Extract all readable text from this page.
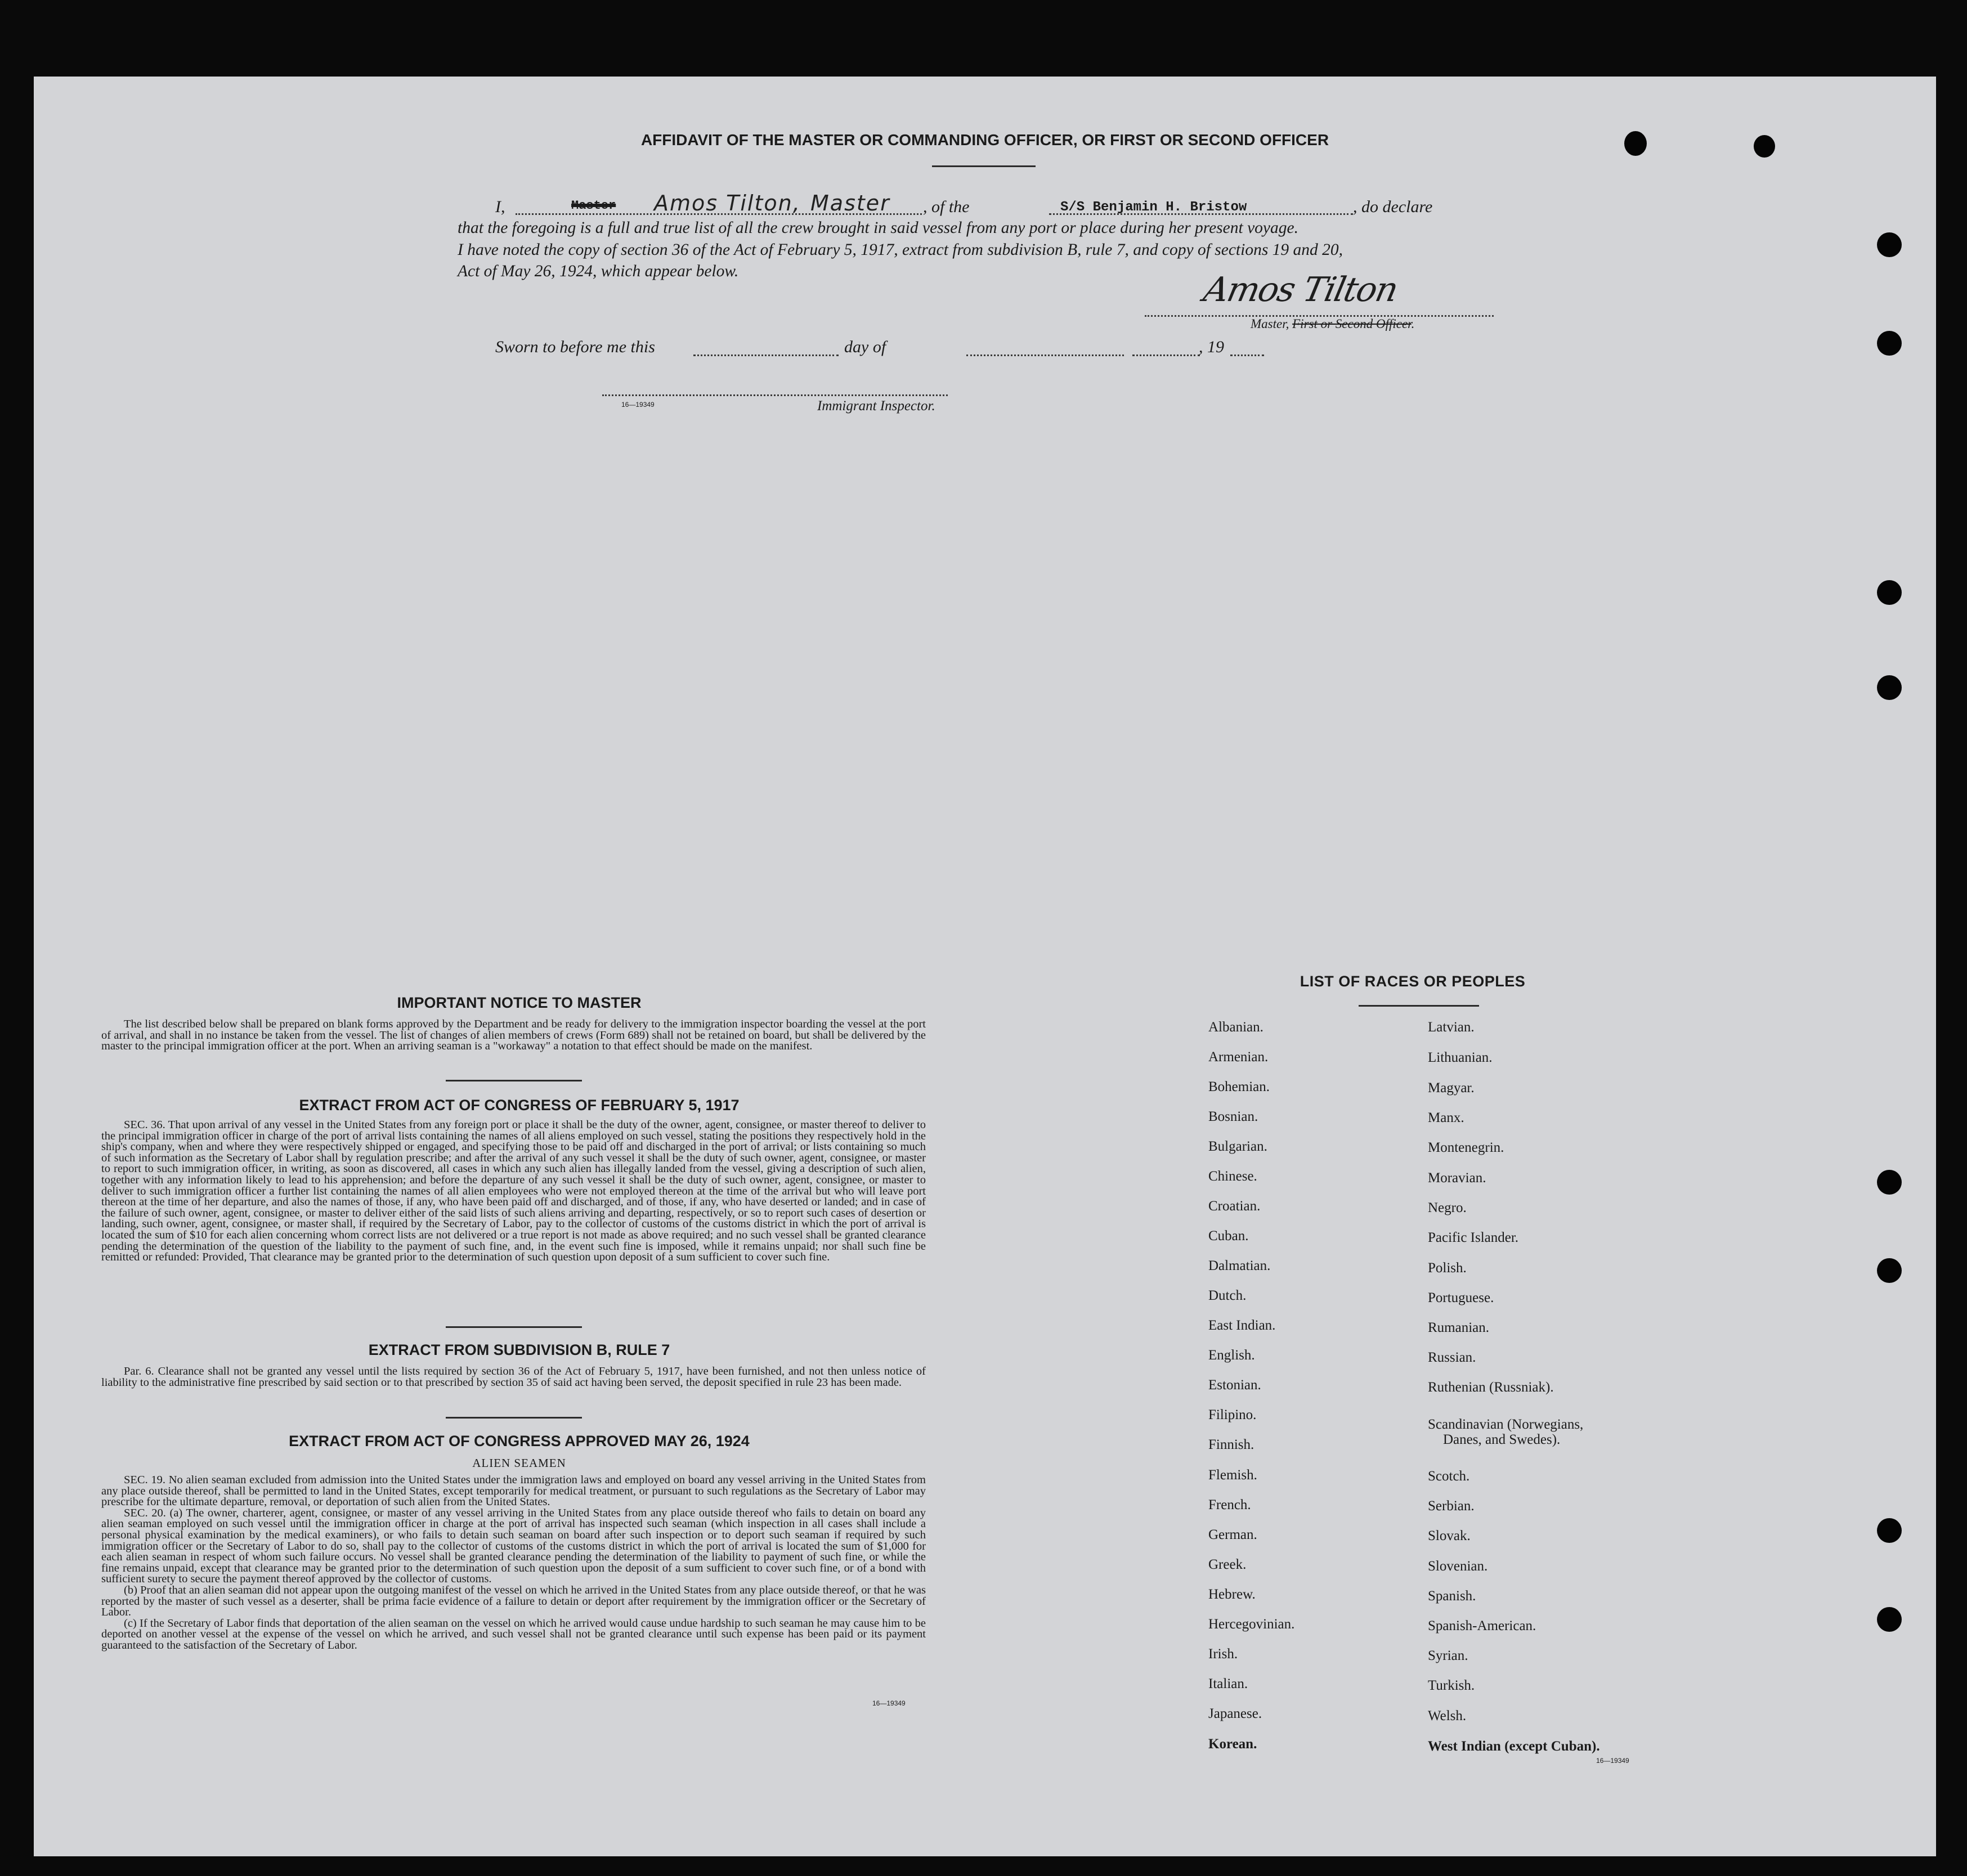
AFFIDAVIT OF THE MASTER OR COMMANDING OFFICER, OR FIRST OR SECOND OFFICER
I,	Master Amos Tilton, Master , of the	S/S Benjamin H. Bristow	, do declare
that the foregoing is a full and true list of all the crew brought in said vessel from any port or place during her present voyage.
I have noted the copy of section 36 of the Act of February 5, 1917, extract from subdivision B, rule 7, and copy of sections 19 and 20,
Act of May 26, 1924, which appear below.	Amos Tilton
Master, First or Second Officer.
Sworn to before me this	day of	, 19
16—19349	Immigrant Inspector.
IMPORTANT NOTICE TO MASTER
The list described below shall be prepared on blank forms approved by the Department and be ready for delivery to the immigration inspector boarding the vessel at the port of arrival, and shall in no instance be taken from the vessel. The list of changes of alien members of crews (Form 689) shall not be retained on board, but shall be delivered by the master to the principal immigration officer at the port. When an arriving seaman is a "workaway" a notation to that effect should be made on the manifest.
EXTRACT FROM ACT OF CONGRESS OF FEBRUARY 5, 1917
SEC. 36. That upon arrival of any vessel in the United States from any foreign port or place it shall be the duty of the owner, agent, consignee, or master thereof to deliver to the principal immigration officer in charge of the port of arrival lists containing the names of all aliens employed on such vessel, stating the positions they respectively hold in the ship's company, when and where they were respectively shipped or engaged, and specifying those to be paid off and discharged in the port of arrival; or lists containing so much of such information as the Secretary of Labor shall by regulation prescribe; and after the arrival of any such vessel it shall be the duty of such owner, agent, consignee, or master to report to such immigration officer, in writing, as soon as discovered, all cases in which any such alien has illegally landed from the vessel, giving a description of such alien, together with any information likely to lead to his apprehension; and before the departure of any such vessel it shall be the duty of such owner, agent, consignee, or master to deliver to such immigration officer a further list containing the names of all alien employees who were not employed thereon at the time of the arrival but who will leave port thereon at the time of her departure, and also the names of those, if any, who have been paid off and discharged, and of those, if any, who have deserted or landed; and in case of the failure of such owner, agent, consignee, or master to deliver either of the said lists of such aliens arriving and departing, respectively, or so to report such cases of desertion or landing, such owner, agent, consignee, or master shall, if required by the Secretary of Labor, pay to the collector of customs of the customs district in which the port of arrival is located the sum of $10 for each alien concerning whom correct lists are not delivered or a true report is not made as above required; and no such vessel shall be granted clearance pending the determination of the question of the liability to the payment of such fine, and, in the event such fine is imposed, while it remains unpaid; nor shall such fine be remitted or refunded: Provided, That clearance may be granted prior to the determination of such question upon deposit of a sum sufficient to cover such fine.
EXTRACT FROM SUBDIVISION B, RULE 7
Par. 6. Clearance shall not be granted any vessel until the lists required by section 36 of the Act of February 5, 1917, have been furnished, and not then unless notice of liability to the administrative fine prescribed by said section or to that prescribed by section 35 of said act having been served, the deposit specified in rule 23 has been made.
EXTRACT FROM ACT OF CONGRESS APPROVED MAY 26, 1924
ALIEN SEAMEN
SEC. 19. No alien seaman excluded from admission into the United States under the immigration laws and employed on board any vessel arriving in the United States from any place outside thereof, shall be permitted to land in the United States, except temporarily for medical treatment, or pursuant to such regulations as the Secretary of Labor may prescribe for the ultimate departure, removal, or deportation of such alien from the United States.
SEC. 20. (a) The owner, charterer, agent, consignee, or master of any vessel arriving in the United States from any place outside thereof who fails to detain on board any alien seaman employed on such vessel until the immigration officer in charge at the port of arrival has inspected such seaman (which inspection in all cases shall include a personal physical examination by the medical examiners), or who fails to detain such seaman on board after such inspection or to deport such seaman if required by such immigration officer or the Secretary of Labor to do so, shall pay to the collector of customs of the customs district in which the port of arrival is located the sum of $1,000 for each alien seaman in respect of whom such failure occurs. No vessel shall be granted clearance pending the determination of the liability to payment of such fine, or while the fine remains unpaid, except that clearance may be granted prior to the determination of such question upon the deposit of a sum sufficient to cover such fine, or of a bond with sufficient surety to secure the payment thereof approved by the collector of customs.
(b) Proof that an alien seaman did not appear upon the outgoing manifest of the vessel on which he arrived in the United States from any place outside thereof, or that he was reported by the master of such vessel as a deserter, shall be prima facie evidence of a failure to detain or deport after requirement by the immigration officer or the Secretary of Labor.
(c) If the Secretary of Labor finds that deportation of the alien seaman on the vessel on which he arrived would cause undue hardship to such seaman he may cause him to be deported on another vessel at the expense of the vessel on which he arrived, and such vessel shall not be granted clearance until such expense has been paid or its payment guaranteed to the satisfaction of the Secretary of Labor.
16—19349
LIST OF RACES OR PEOPLES
Albanian.
Armenian.
Bohemian.
Bosnian.
Bulgarian.
Chinese.
Croatian.
Cuban.
Dalmatian.
Dutch.
East Indian.
English.
Estonian.
Filipino.
Finnish.
Flemish.
French.
German.
Greek.
Hebrew.
Hercegovinian.
Irish.
Italian.
Japanese.
Korean.
Latvian.
Lithuanian.
Magyar.
Manx.
Montenegrin.
Moravian.
Negro.
Pacific Islander.
Polish.
Portuguese.
Rumanian.
Russian.
Ruthenian (Russniak).
Scandinavian (Norwegians,
Danes, and Swedes).
Scotch.
Serbian.
Slovak.
Slovenian.
Spanish.
Spanish-American.
Syrian.
Turkish.
Welsh.
West Indian (except Cuban).
16—19349
